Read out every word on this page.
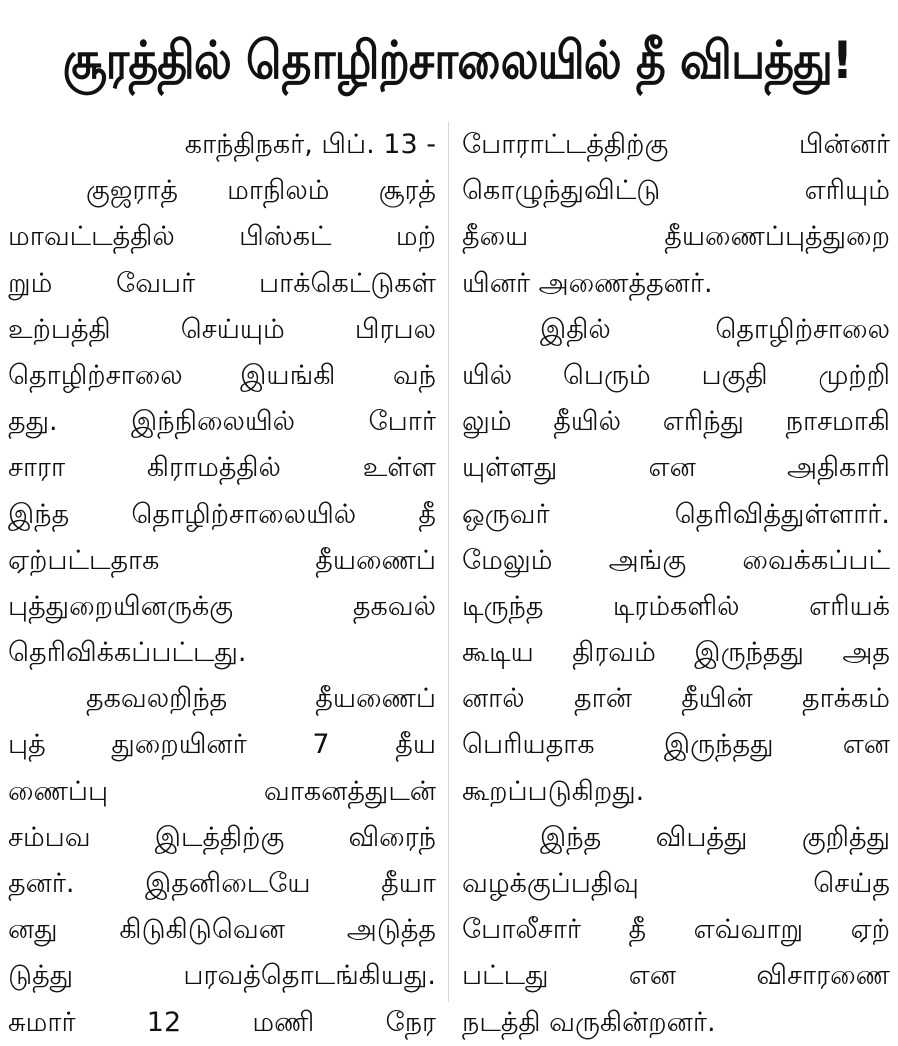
சூரத்தில் தொழிற்சாலையில் தீ விபத்து!
காந்திநகர், பிப். 13 -
குஜராத் மாநிலம் சூரத்
மாவட்டத்தில் பிஸ்கட் மற்
றும் வேபர் பாக்கெட்டுகள்
உற்பத்தி செய்யும் பிரபல
தொழிற்சாலை இயங்கி வந்
தது. இந்நிலையில் போர்
சாரா கிராமத்தில் உள்ள
இந்த தொழிற்சாலையில் தீ
ஏற்பட்டதாக தீயணைப்
புத்துறையினருக்கு தகவல்
தெரிவிக்கப்பட்டது.
தகவலறிந்த தீயணைப்
புத் துறையினர் 7 தீய
ணைப்பு வாகனத்துடன்
சம்பவ இடத்திற்கு விரைந்
தனர். இதனிடையே தீயா
னது கிடுகிடுவென அடுத்த
டுத்து பரவத்தொடங்கியது.
சுமார் 12 மணி நேர
போராட்டத்திற்கு பின்னர்
கொழுந்துவிட்டு எரியும்
தீயை தீயணைப்புத்துறை
யினர் அணைத்தனர்.
இதில் தொழிற்சாலை
யில் பெரும் பகுதி முற்றி
லும் தீயில் எரிந்து நாசமாகி
யுள்ளது என அதிகாரி
ஒருவர் தெரிவித்துள்ளார்.
மேலும் அங்கு வைக்கப்பட்
டிருந்த டிரம்களில் எரியக்
கூடிய திரவம் இருந்தது அத
னால் தான் தீயின் தாக்கம்
பெரியதாக இருந்தது என
கூறப்படுகிறது.
இந்த விபத்து குறித்து
வழக்குப்பதிவு செய்த
போலீசார் தீ எவ்வாறு ஏற்
பட்டது என விசாரணை
நடத்தி வருகின்றனர்.
